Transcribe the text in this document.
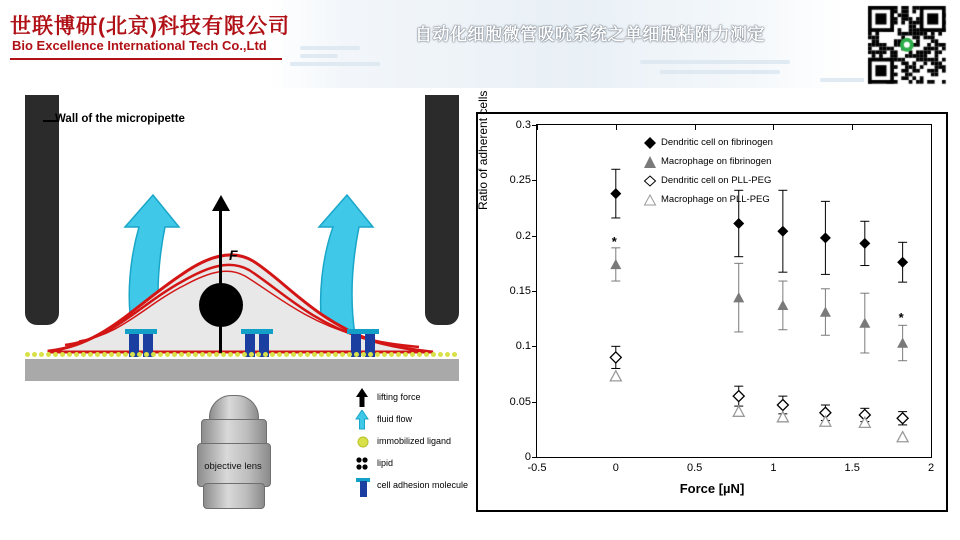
世联博研(北京)科技有限公司
Bio Excellence International Tech Co.,Ltd
自动化细胞微管吸吮系统之单细胞粘附力测定
Wall of the micropipette
F
objective lens
lifting force
fluid flow
immobilized ligand
lipid
cell adhesion molecule
Ratio of adherent cells
Force [µN]
Dendritic cell on fibrinogen
Macrophage on fibrinogen
Dendritic cell on PLL-PEG
Macrophage on PLL-PEG
0
0.05
0.1
0.15
0.2
0.25
0.3
-0.5	0	0.5	1	1.5	2
*
*
